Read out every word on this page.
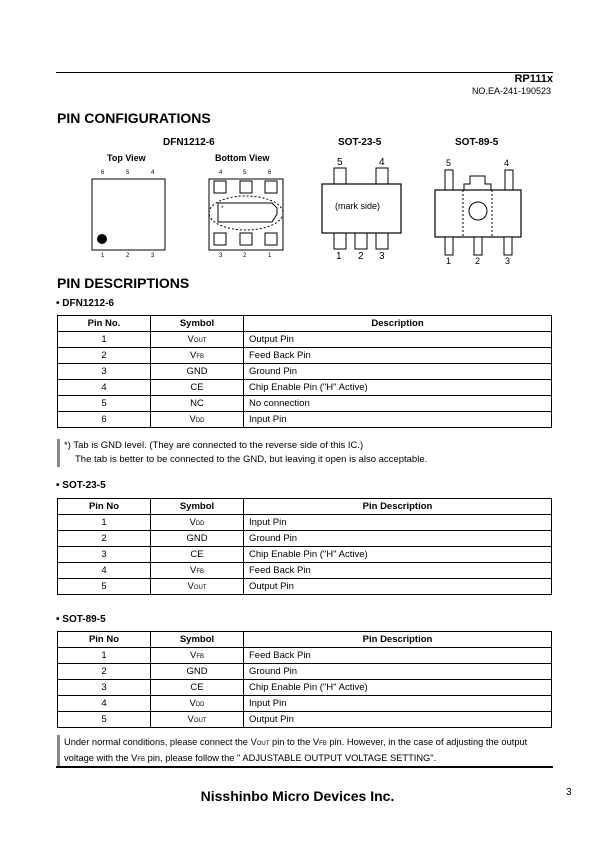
RP111x
NO.EA-241-190523
PIN CONFIGURATIONS
DFN1212-6	SOT-23-5	SOT-89-5
Top View	Bottom View
6	5	4
1	2	3
4	5	6
*
3	2	1
5	4
(mark side)
1 2 3
5	4
1	2	3
PIN DESCRIPTIONS
• DFN1212-6
Pin No.	Symbol	Description
1	VOUT	Output Pin
2	VFB	Feed Back Pin
3	GND	Ground Pin
4	CE	Chip Enable Pin ("H" Active)
5	NC	No connection
6	VDD	Input Pin
*) Tab is GND level. (They are connected to the reverse side of this IC.)
The tab is better to be connected to the GND, but leaving it open is also acceptable.
• SOT-23-5
Pin No	Symbol	Pin Description
1	VDD	Input Pin
2	GND	Ground Pin
3	CE	Chip Enable Pin ("H" Active)
4	VFB	Feed Back Pin
5	VOUT	Output Pin
• SOT-89-5
Pin No	Symbol	Pin Description
1	VFB	Feed Back Pin
2	GND	Ground Pin
3	CE	Chip Enable Pin ("H" Active)
4	VDD	Input Pin
5	VOUT	Output Pin
Under normal conditions, please connect the VOUT pin to the VFB pin. However, in the case of adjusting the output
voltage with the VFB pin, please follow the " ADJUSTABLE OUTPUT VOLTAGE SETTING".
Nisshinbo Micro Devices Inc.	3
